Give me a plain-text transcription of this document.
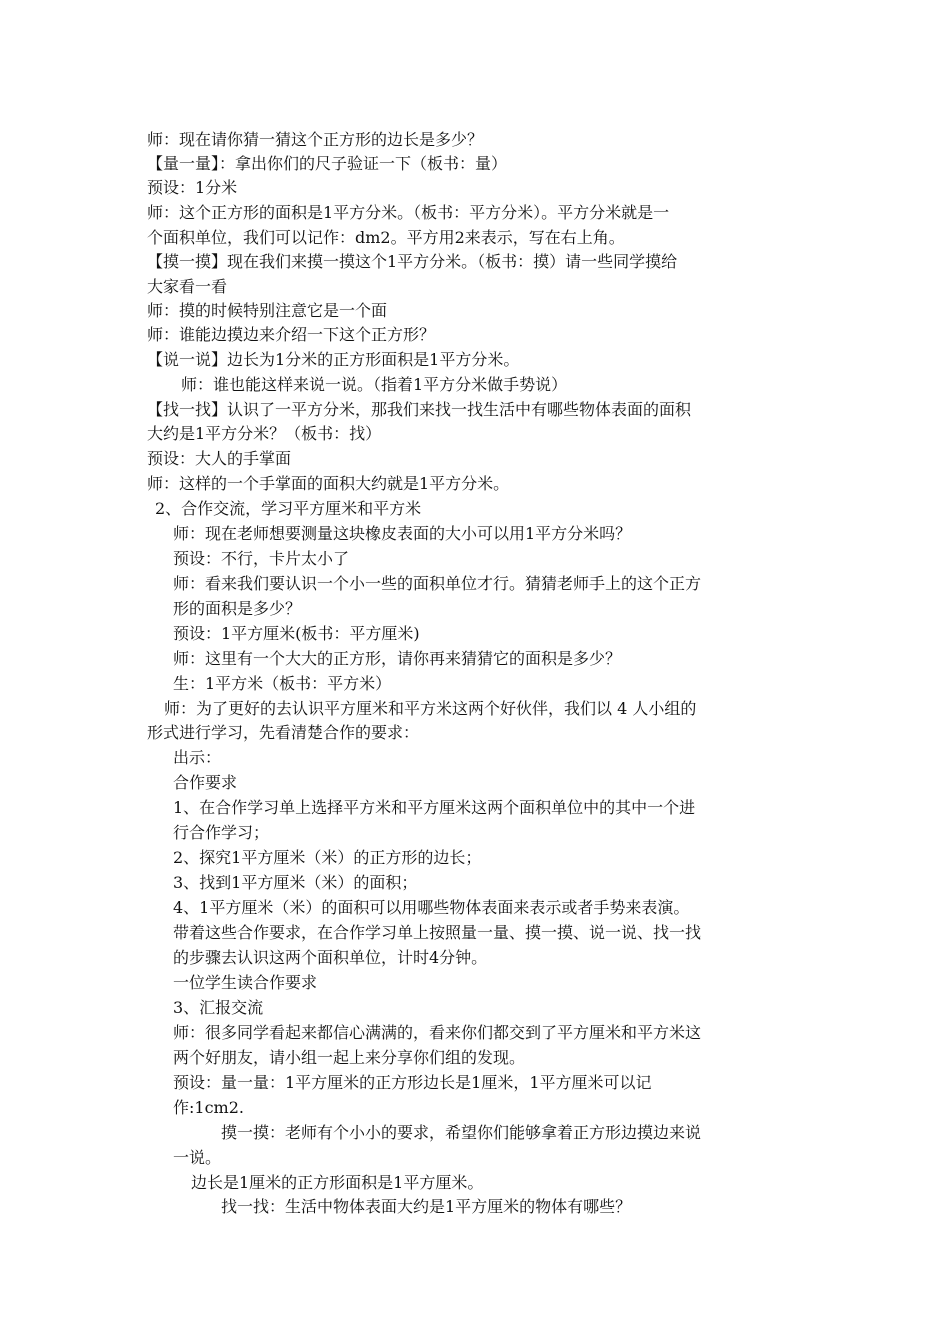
师：现在请你猜一猜这个正方形的边长是多少？
【量一量】：拿出你们的尺子验证一下（板书：量）
预设：1分米
师：这个正方形的面积是1平方分米。（板书：平方分米）。平方分米就是一
个面积单位，我们可以记作：dm2。平方用2来表示，写在右上角。
【摸一摸】现在我们来摸一摸这个1平方分米。（板书：摸）请一些同学摸给
大家看一看
师：摸的时候特别注意它是一个面
师：谁能边摸边来介绍一下这个正方形？
【说一说】边长为1分米的正方形面积是1平方分米。
师：谁也能这样来说一说。（指着1平方分米做手势说）
【找一找】认识了一平方分米，那我们来找一找生活中有哪些物体表面的面积
大约是1平方分米？（板书：找）
预设：大人的手掌面
师：这样的一个手掌面的面积大约就是1平方分米。
2、合作交流，学习平方厘米和平方米
师：现在老师想要测量这块橡皮表面的大小可以用1平方分米吗？
预设：不行，卡片太小了
师：看来我们要认识一个小一些的面积单位才行。猜猜老师手上的这个正方
形的面积是多少？
预设：1平方厘米(板书：平方厘米)
师：这里有一个大大的正方形，请你再来猜猜它的面积是多少？
生：1平方米（板书：平方米）
师：为了更好的去认识平方厘米和平方米这两个好伙伴，我们以 4 人小组的
形式进行学习，先看清楚合作的要求：
出示：
合作要求
1、在合作学习单上选择平方米和平方厘米这两个面积单位中的其中一个进
行合作学习；
2、探究1平方厘米（米）的正方形的边长；
3、找到1平方厘米（米）的面积；
4、1平方厘米（米）的面积可以用哪些物体表面来表示或者手势来表演。
带着这些合作要求，在合作学习单上按照量一量、摸一摸、说一说、找一找
的步骤去认识这两个面积单位，计时4分钟。
一位学生读合作要求
3、汇报交流
师：很多同学看起来都信心满满的，看来你们都交到了平方厘米和平方米这
两个好朋友，请小组一起上来分享你们组的发现。
预设：量一量：1平方厘米的正方形边长是1厘米，1平方厘米可以记
作:1cm2.
摸一摸：老师有个小小的要求，希望你们能够拿着正方形边摸边来说
一说。
边长是1厘米的正方形面积是1平方厘米。
找一找：生活中物体表面大约是1平方厘米的物体有哪些？
